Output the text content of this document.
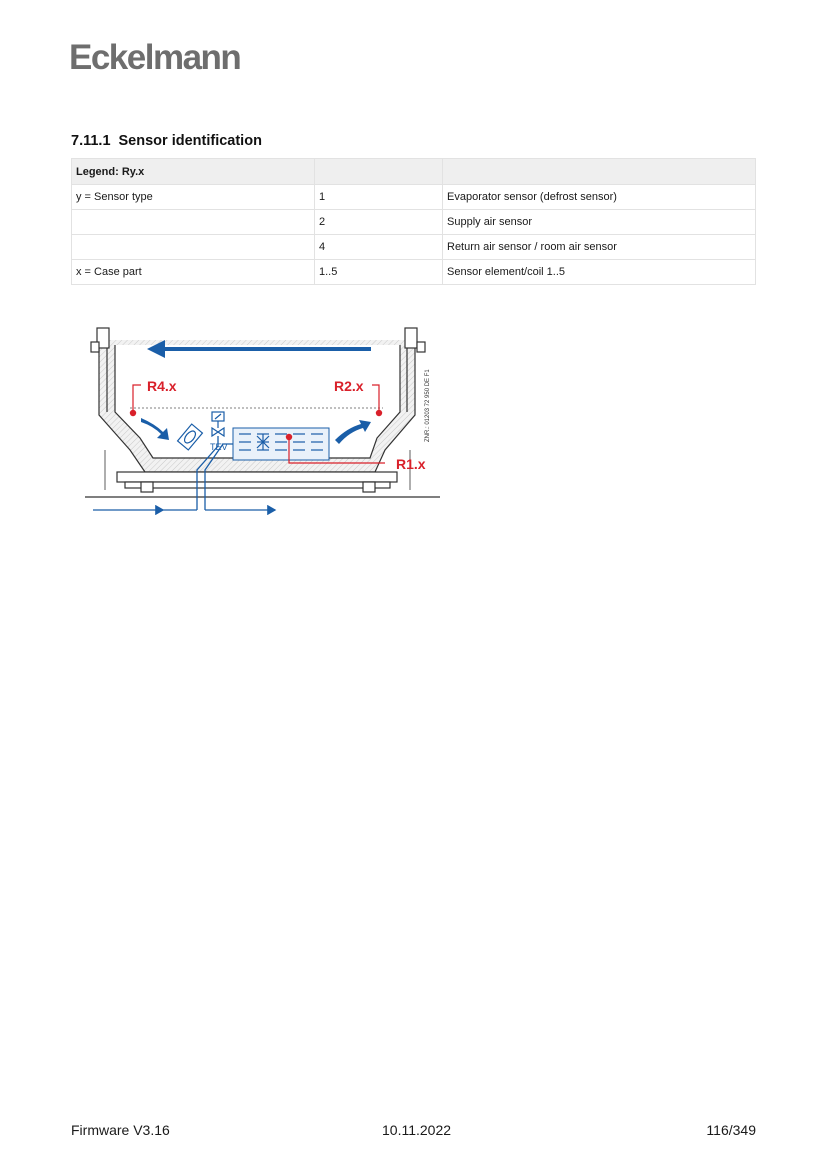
Eckelmann
7.11.1 Sensor identification
Legend: Ry.x		
y = Sensor type	1	Evaporator sensor (defrost sensor)
	2	Supply air sensor
	4	Return air sensor / room air sensor
x = Case part	1..5	Sensor element/coil 1..5
TEV
R4.x	R2.x
R1.x
ZNR.: 01203 72 950 DE F1
Firmware V3.16	10.11.2022	116/349
